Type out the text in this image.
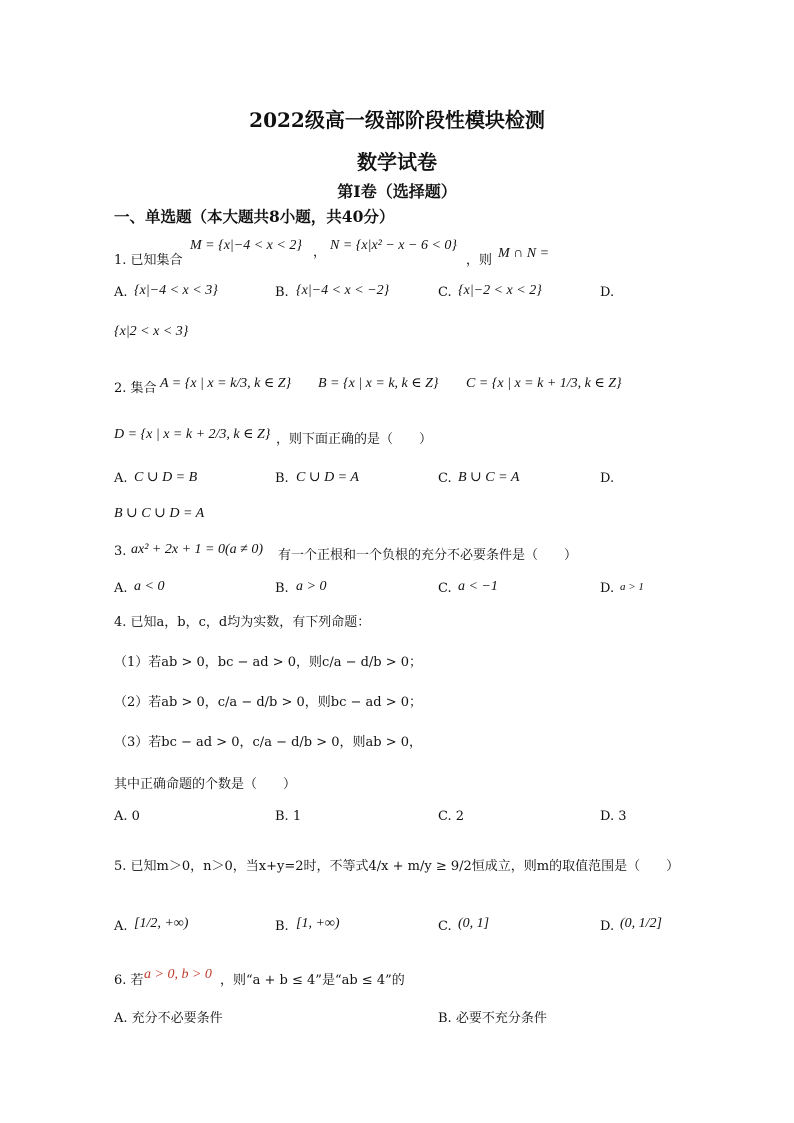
2022级高一级部阶段性模块检测
数学试卷
第Ⅰ卷（选择题）
一、单选题（本大题共8小题，共40分）
1. 已知集合
M = {x|−4 < x < 2} ， N = {x|x² − x − 6 < 0}
，则 M ∩ N =
A. {x|−4 < x < 3}	B. {x|−4 < x < −2}	C. {x|−2 < x < 2}	D.
{x|2 < x < 3}
2. 集合 A = {x | x = k/3, k ∈ Z} B = {x | x = k, k ∈ Z} C = {x | x = k + 1/3, k ∈ Z}
D = {x | x = k + 2/3, k ∈ Z} ，则下面正确的是（　　）
A. C ∪ D = B	B. C ∪ D = A	C. B ∪ C = A	D.
B ∪ C ∪ D = A
3. ax² + 2x + 1 = 0(a ≠ 0) 有一个正根和一个负根的充分不必要条件是（　　）
A. a < 0	B. a > 0	C. a < −1	D. a > 1
4. 已知a，b，c，d均为实数，有下列命题：
（1）若ab > 0，bc − ad > 0，则c/a − d/b > 0；
（2）若ab > 0，c/a − d/b > 0，则bc − ad > 0；
（3）若bc − ad > 0，c/a − d/b > 0，则ab > 0，
其中正确命题的个数是（　　）
A. 0	B. 1	C. 2	D. 3
5. 已知m＞0，n＞0，当x+y=2时，不等式4/x + m/y ≥ 9/2恒成立，则m的取值范围是（　　）
A. [1/2, +∞)	B. [1, +∞)	C. (0, 1]	D. (0, 1/2]
6. 若 a > 0, b > 0 ，则“a + b ≤ 4”是“ab ≤ 4”的
A. 充分不必要条件	B. 必要不充分条件
